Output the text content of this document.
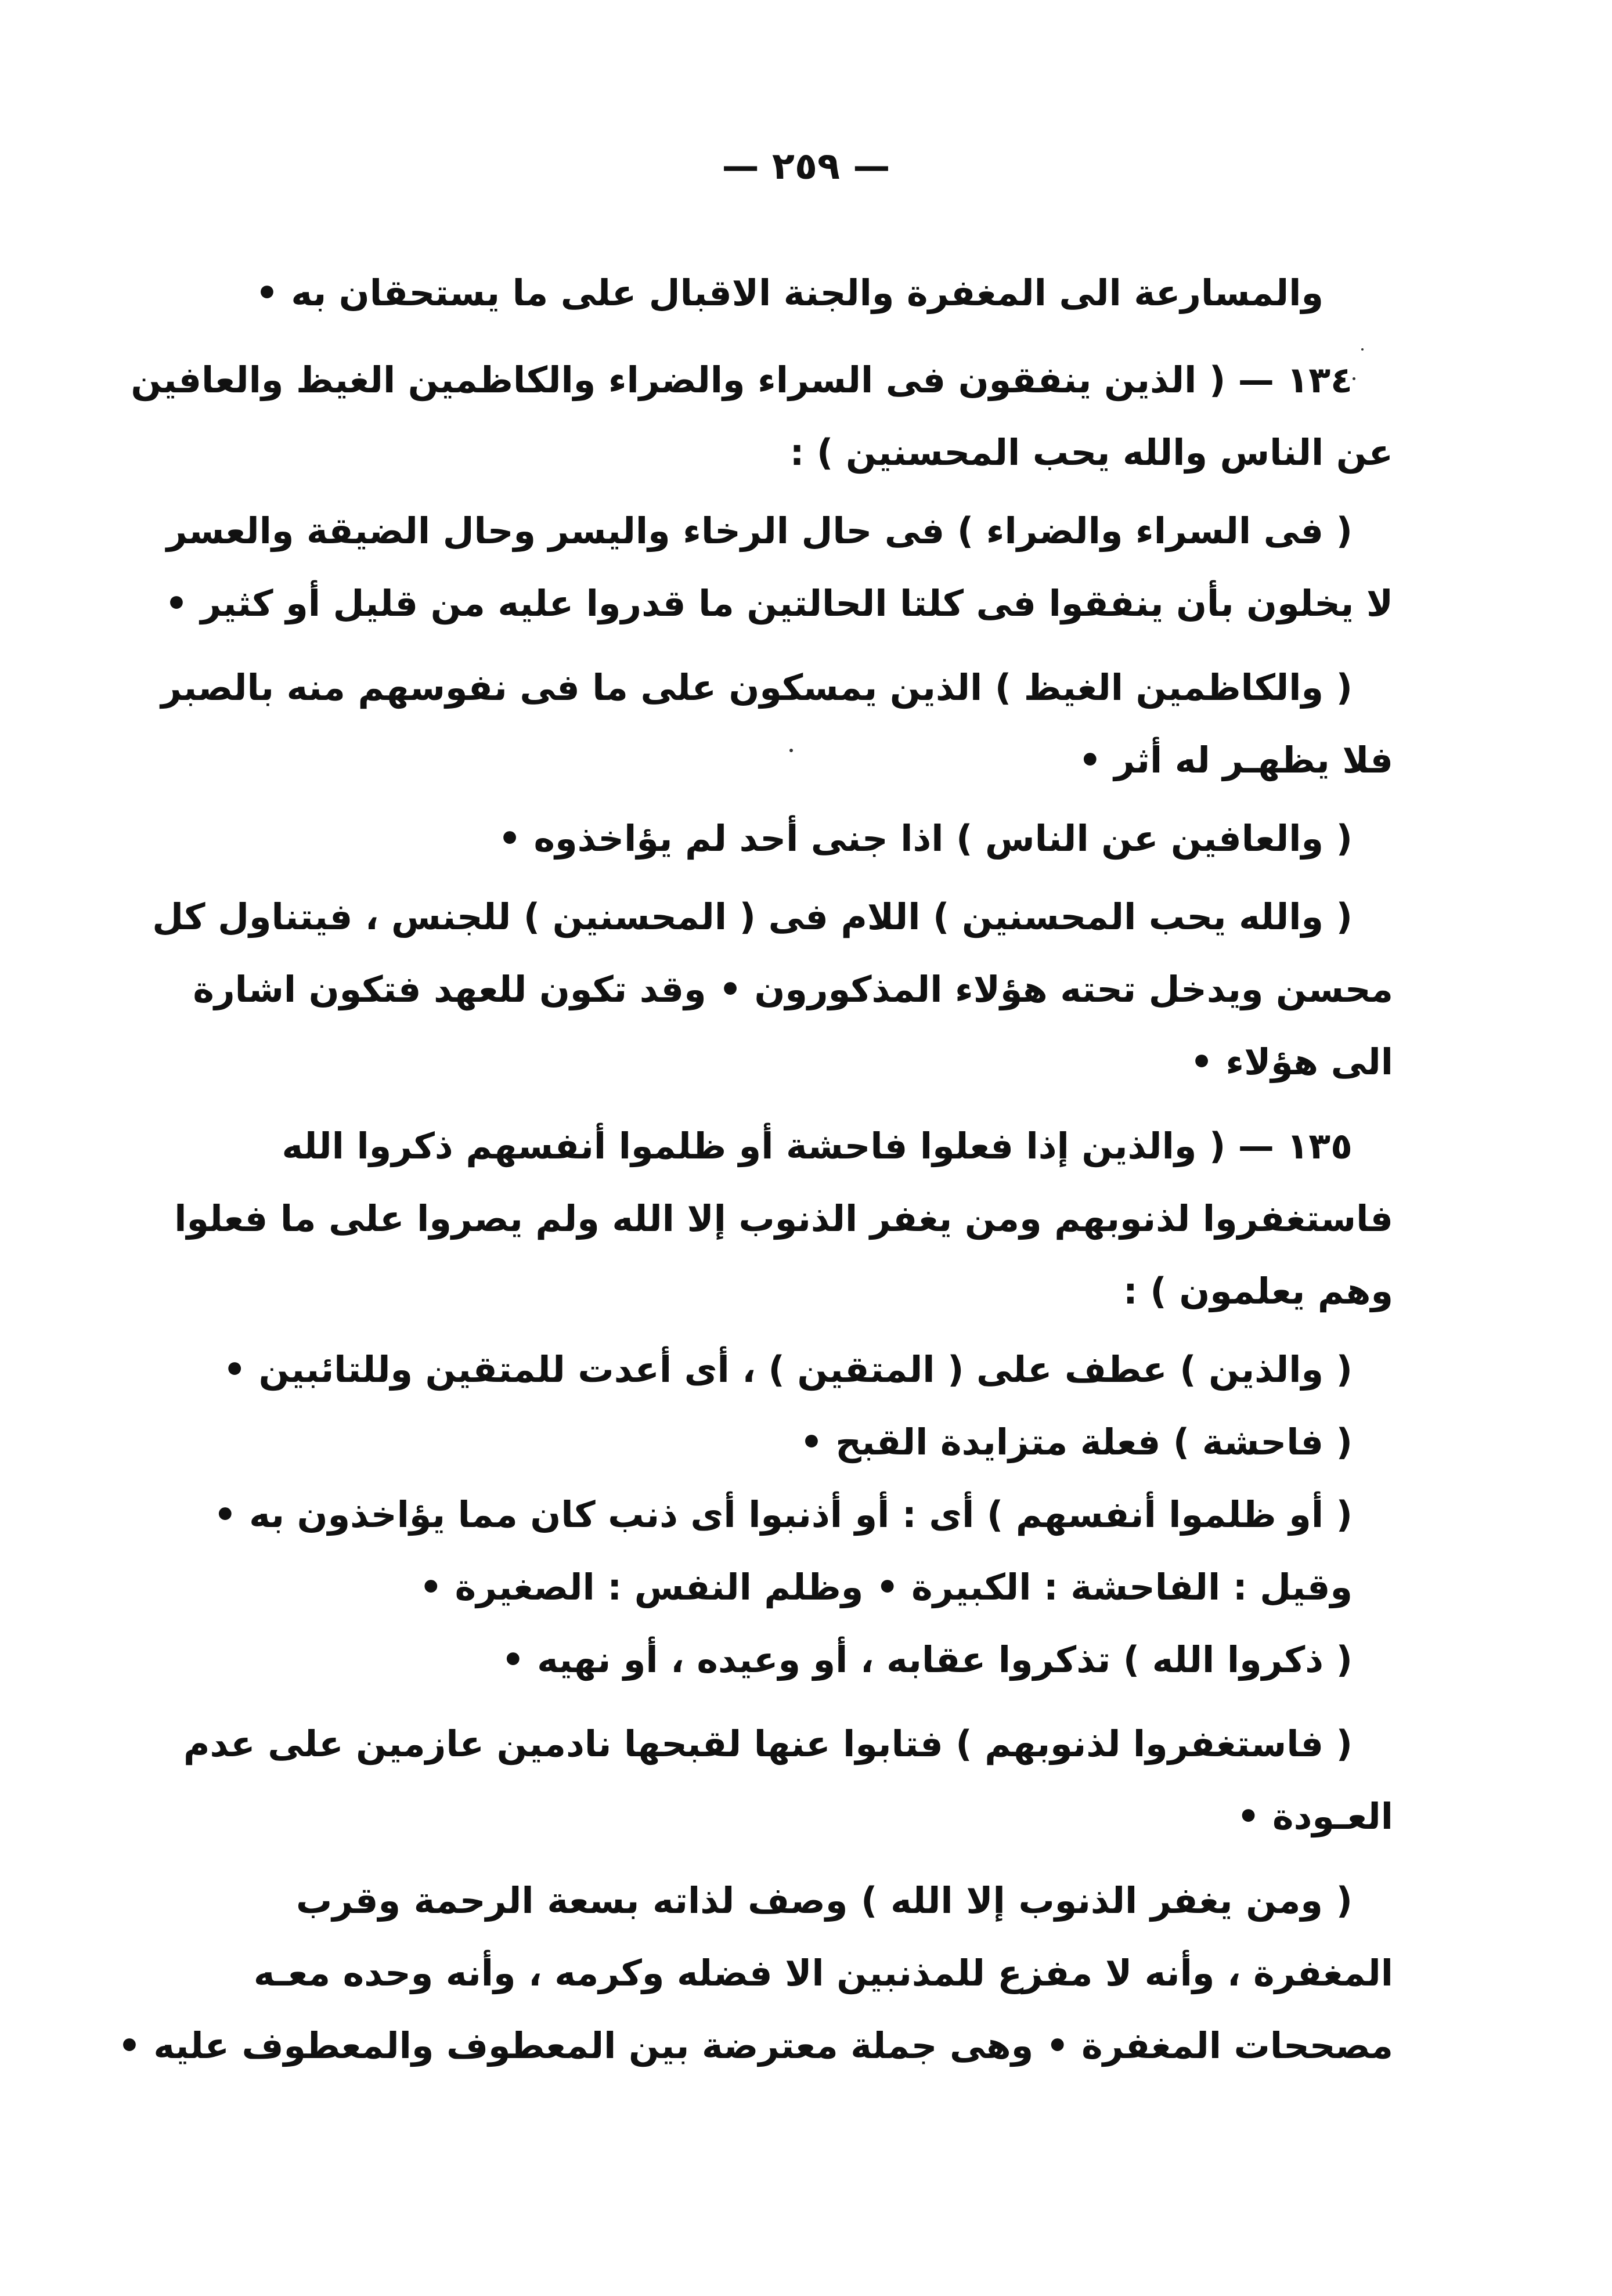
— ٢٥٩ —
والمسارعة الى المغفرة والجنة الاقبال على ما يستحقان به •
١٣٤ — ( الذين ينفقون فى السراء والضراء والكاظمين الغيظ والعافين
عن الناس والله يحب المحسنين ) :
( فى السراء والضراء ) فى حال الرخاء واليسر وحال الضيقة والعسر
لا يخلون بأن ينفقوا فى كلتا الحالتين ما قدروا عليه من قليل أو كثير •
( والكاظمين الغيظ ) الذين يمسكون على ما فى نفوسهم منه بالصبر
فلا يظهـر له أثر •
( والعافين عن الناس ) اذا جنى أحد لم يؤاخذوه •
( والله يحب المحسنين ) اللام فى ( المحسنين ) للجنس ، فيتناول كل
محسن ويدخل تحته هؤلاء المذكورون • وقد تكون للعهد فتكون اشارة
الى هؤلاء •
١٣٥ — ( والذين إذا فعلوا فاحشة أو ظلموا أنفسهم ذكروا الله
فاستغفروا لذنوبهم ومن يغفر الذنوب إلا الله ولم يصروا على ما فعلوا
وهم يعلمون ) :
( والذين ) عطف على ( المتقين ) ، أى أعدت للمتقين وللتائبين •
( فاحشة ) فعلة متزايدة القبح •
( أو ظلموا أنفسهم ) أى : أو أذنبوا أى ذنب كان مما يؤاخذون به •
وقيل : الفاحشة : الكبيرة • وظلم النفس : الصغيرة •
( ذكروا الله ) تذكروا عقابه ، أو وعيده ، أو نهيه •
( فاستغفروا لذنوبهم ) فتابوا عنها لقبحها نادمين عازمين على عدم
العـودة •
( ومن يغفر الذنوب إلا الله ) وصف لذاته بسعة الرحمة وقرب
المغفرة ، وأنه لا مفزع للمذنبين الا فضله وكرمه ، وأنه وحده معـه
مصححات المغفرة • وهى جملة معترضة بين المعطوف والمعطوف عليه •
